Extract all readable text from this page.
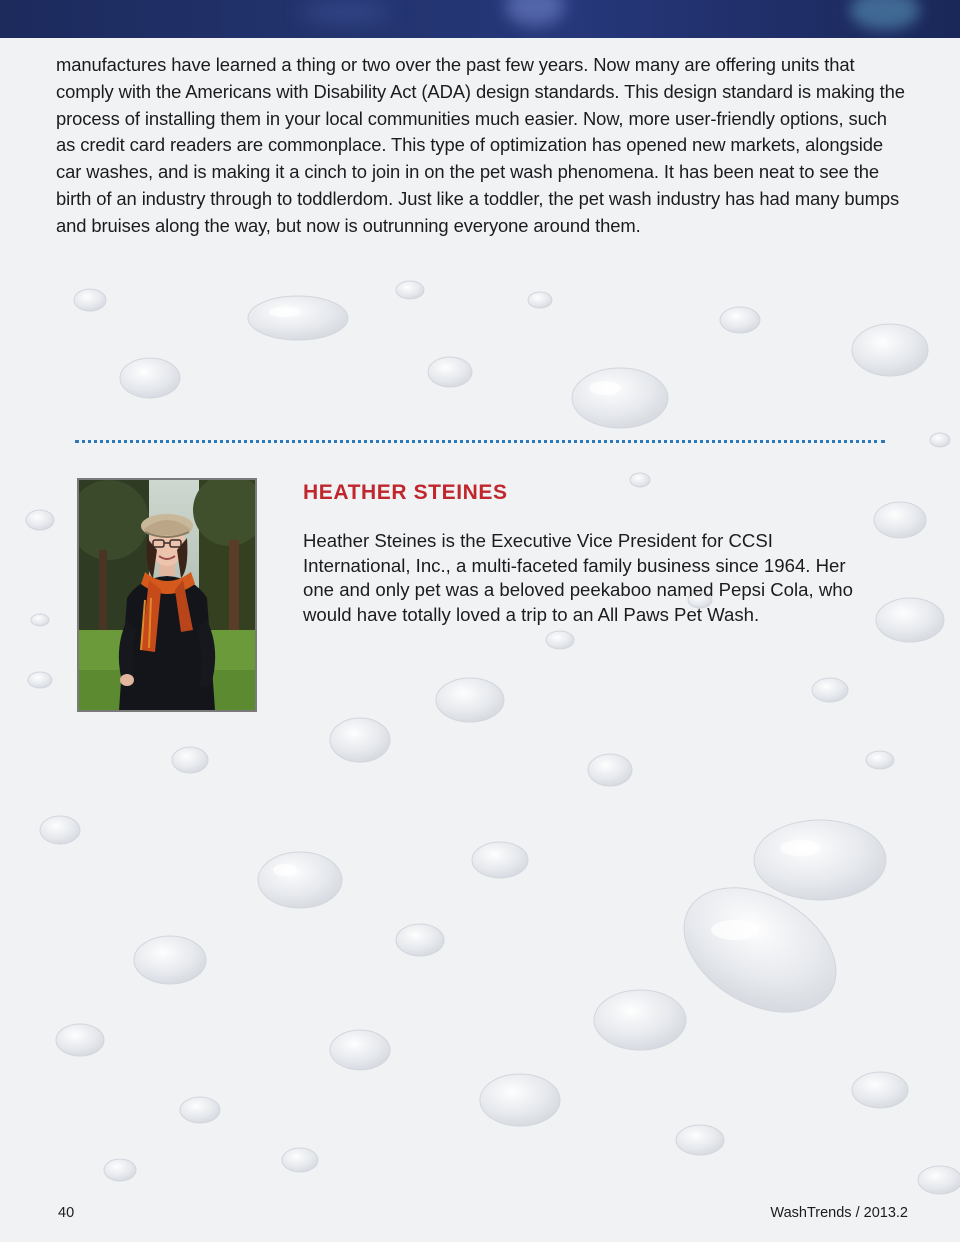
manufactures have learned a thing or two over the past few years. Now many are offering units that comply with the Americans with Disability Act (ADA) design standards. This design standard is making the process of installing them in your local communities much easier. Now, more user-friendly options, such as credit card readers are commonplace. This type of optimization has opened new markets, alongside car washes, and is making it a cinch to join in on the pet wash phenomena. It has been neat to see the birth of an industry through to toddlerdom. Just like a toddler, the pet wash industry has had many bumps and bruises along the way, but now is outrunning everyone around them.

HEATHER STEINES

Heather Steines is the Executive Vice President for CCSI International, Inc., a multi-faceted family business since 1964. Her one and only pet was a beloved peekaboo named Pepsi Cola, who would have totally loved a trip to an All Paws Pet Wash.

40	WashTrends / 2013.2
